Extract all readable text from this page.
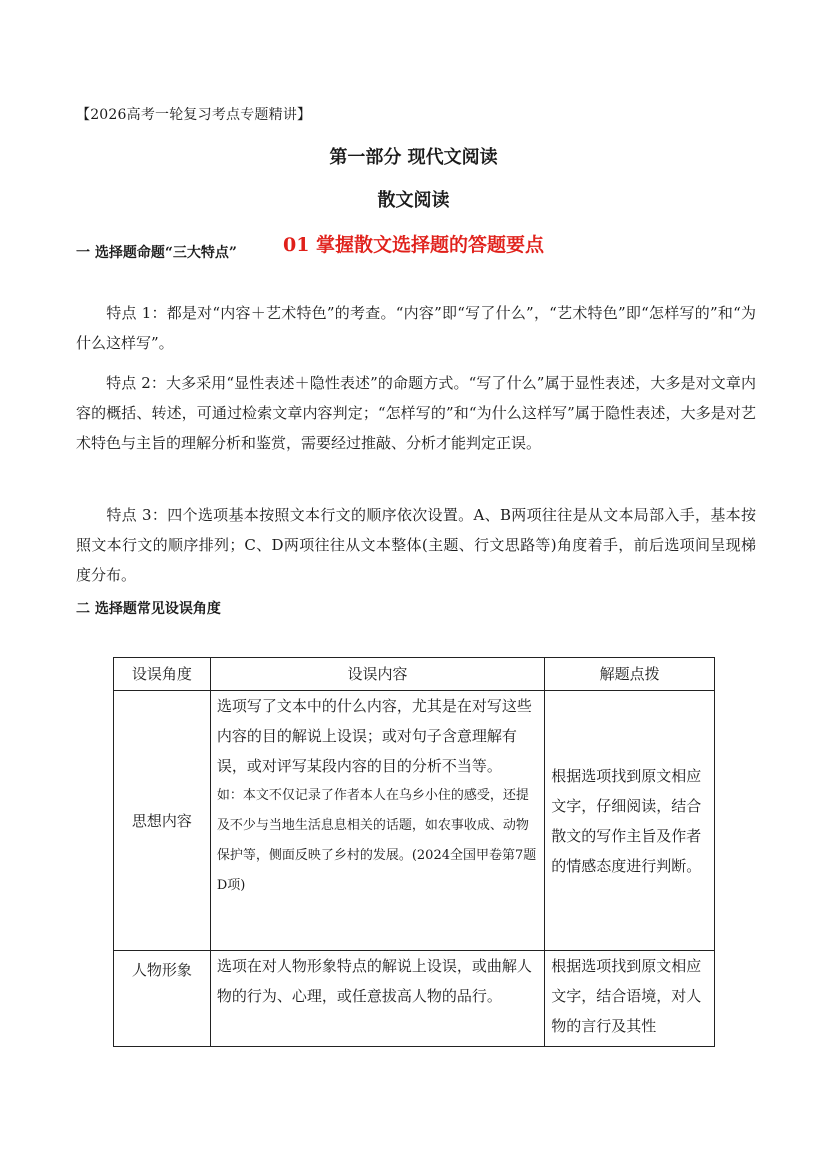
【2026高考一轮复习考点专题精讲】
第一部分 现代文阅读
散文阅读
01 掌握散文选择题的答题要点
一 选择题命题“三大特点”
特点 1：都是对“内容＋艺术特色”的考查。“内容”即“写了什么”，“艺术特色”即“怎样写的”和“为什么这样写”。
特点 2：大多采用“显性表述＋隐性表述”的命题方式。“写了什么”属于显性表述，大多是对文章内容的概括、转述，可通过检索文章内容判定；“怎样写的”和“为什么这样写”属于隐性表述，大多是对艺术特色与主旨的理解分析和鉴赏，需要经过推敲、分析才能判定正误。
特点 3：四个选项基本按照文本行文的顺序依次设置。A、B两项往往是从文本局部入手，基本按照文本行文的顺序排列；C、D两项往往从文本整体(主题、行文思路等)角度着手，前后选项间呈现梯度分布。
二 选择题常见设误角度
设误角度	设误内容	解题点拨
思想内容	选项写了文本中的什么内容，尤其是在对写这些内容的目的解说上设误；或对句子含意理解有误，或对评写某段内容的目的分析不当等。
如：本文不仅记录了作者本人在乌乡小住的感受，还提及不少与当地生活息息相关的话题，如农事收成、动物保护等，侧面反映了乡村的发展。(2024全国甲卷第7题D项)	根据选项找到原文相应文字，仔细阅读，结合散文的写作主旨及作者的情感态度进行判断。
人物形象	选项在对人物形象特点的解说上设误，或曲解人物的行为、心理，或任意拔高人物的品行。	根据选项找到原文相应文字，结合语境，对人物的言行及其性
